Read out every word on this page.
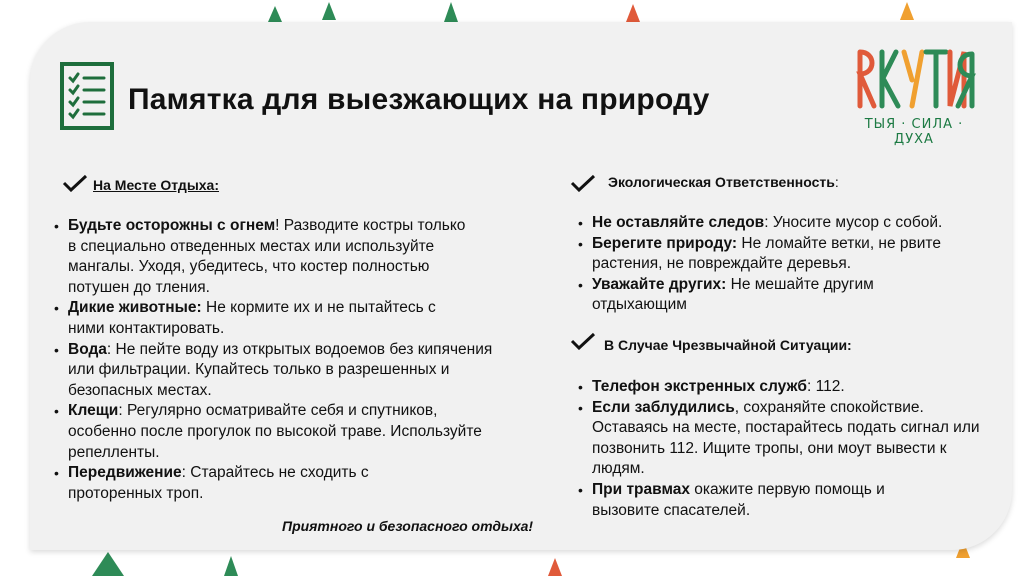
Памятка для выезжающих на природу
ТЫЯ · СИЛА · ДУХА
На Месте Отдыха:
• Будьте осторожны с огнем! Разводите костры только в специально отведенных местах или используйте мангалы. Уходя, убедитесь, что костер полностью потушен до тления.
• Дикие животные: Не кормите их и не пытайтесь с ними контактировать.
• Вода: Не пейте воду из открытых водоемов без кипячения или фильтрации. Купайтесь только в разрешенных и безопасных местах.
• Клещи: Регулярно осматривайте себя и спутников, особенно после прогулок по высокой траве. Используйте репелленты.
• Передвижение: Старайтесь не сходить с проторенных троп.
Экологическая Ответственность:
• Не оставляйте следов: Уносите мусор с собой.
• Берегите природу: Не ломайте ветки, не рвите растения, не повреждайте деревья.
• Уважайте других: Не мешайте другим отдыхающим
В Случае Чрезвычайной Ситуации:
• Телефон экстренных служб: 112.
• Если заблудились, сохраняйте спокойствие. Оставаясь на месте, постарайтесь подать сигнал или позвонить 112. Ищите тропы, они моут вывести к людям.
• При травмах окажите первую помощь и вызовите спасателей.
Приятного и безопасного отдыха!
